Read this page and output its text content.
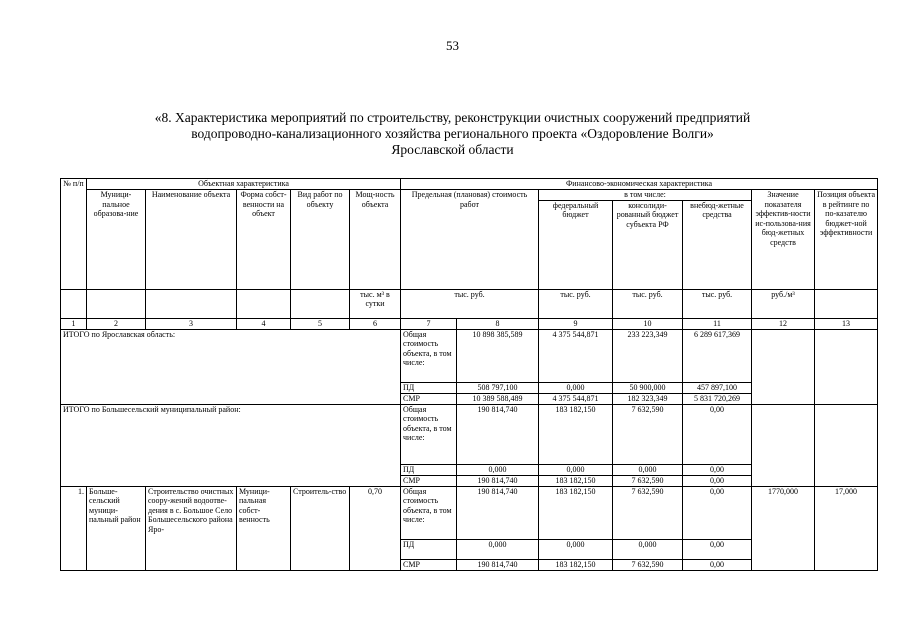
53
«8. Характеристика мероприятий по строительству, реконструкции очистных сооружений предприятий
водопроводно-канализационного хозяйства регионального проекта «Оздоровление Волги»
Ярославской области
№ п/п	Объектная характеристика					Финансово-экономическая характеристика						
	Муници-пальное образова-ние	Наименование объекта	Форма собст-венности на объект	Вид работ по объекту	Мощ-ность объекта	Предельная (плановая) стоимость работ		в том числе:			Значение показателя эффектив-ности ис-пользова-ния бюд-жетных средств	Позиция объекта в рейтинге по по-казателю бюджет-ной эффективности
								федеральный бюджет	консолиди-рованный бюджет субъекта РФ	внебюд-жетные средства		
					тыс. м³ в сутки	тыс. руб.		тыс. руб.	тыс. руб.	тыс. руб.	руб./м³	
1	2	3	4	5	6	7	8	9	10	11	12	13
ИТОГО по Ярославская область:						Общая стоимость объекта, в том числе:	10 898 385,589	4 375 544,871	233 223,349	6 289 617,369		
						ПД	508 797,100	0,000	50 900,000	457 897,100		
						СМР	10 389 588,489	4 375 544,871	182 323,349	5 831 720,269		
ИТОГО по Большесельский муниципальный район:						Общая стоимость объекта, в том числе:	190 814,740	183 182,150	7 632,590	0,00		
						ПД	0,000	0,000	0,000	0,00		
						СМР	190 814,740	183 182,150	7 632,590	0,00		
1.	Больше-сельский муници-пальный район	Строительство очистных соору-жений водоотве-дения в с. Большое Село Большесельского района Яро-	Муници-пальная собст-венность	Строитель-ство	0,70	Общая стоимость объекта, в том числе:	190 814,740	183 182,150	7 632,590	0,00	1770,000	17,000
						ПД	0,000	0,000	0,000	0,00		
						СМР	190 814,740	183 182,150	7 632,590	0,00		
